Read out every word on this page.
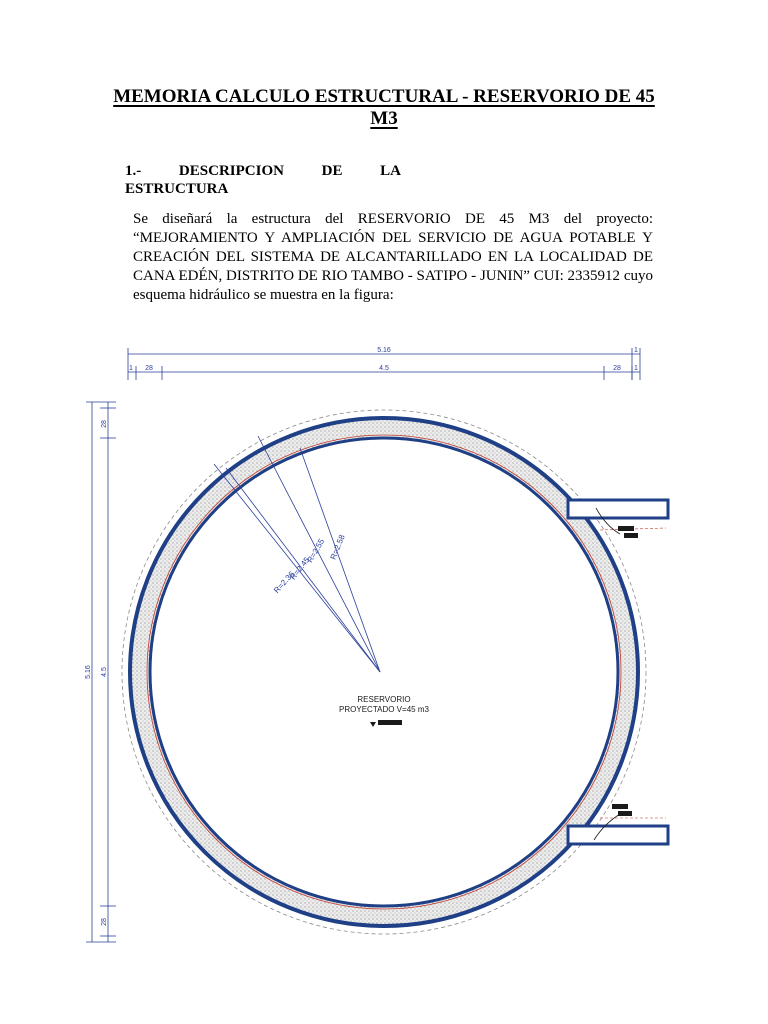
MEMORIA CALCULO ESTRUCTURAL - RESERVORIO DE 45 M3
1.- DESCRIPCION DE LA
ESTRUCTURA
Se diseñará la estructura del RESERVORIO DE 45 M3 del proyecto: “MEJORAMIENTO Y AMPLIACIÓN DEL SERVICIO DE AGUA POTABLE Y CREACIÓN DEL SISTEMA DE ALCANTARILLADO EN LA LOCALIDAD DE CANA EDÉN, DISTRITO DE RIO TAMBO - SATIPO - JUNIN” CUI: 2335912 cuyo esquema hidráulico se muestra en la figura:
5.16
4.5
1 28	28 1
1
5.16 4.5
28
28
R=2.58
R=2.55
R=2.45
R=2.36
RESERVORIO
PROYECTADO V=45 m3
